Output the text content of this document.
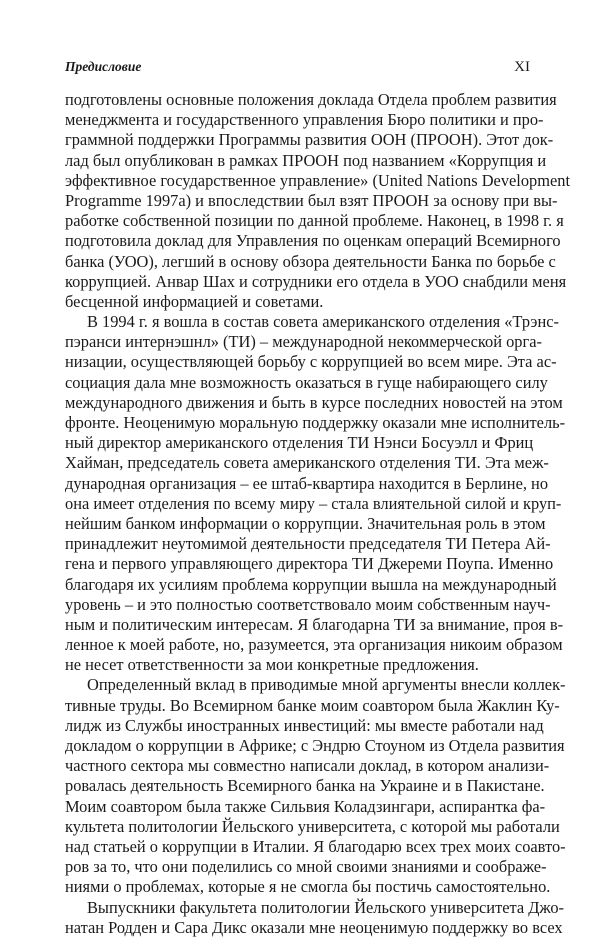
Предисловие	XI
подготовлены основные положения доклада Отдела проблем развития
менеджмента и государственного управления Бюро политики и про-
граммной поддержки Программы развития ООН (ПРООН). Этот док-
лад был опубликован в рамках ПРООН под названием «Коррупция и
эффективное государственное управление» (United Nations Development
Programme 1997a) и впоследствии был взят ПРООН за основу при вы-
работке собственной позиции по данной проблеме. Наконец, в 1998 г. я
подготовила доклад для Управления по оценкам операций Всемирного
банка (УОО), легший в основу обзора деятельности Банка по борьбе с
коррупцией. Анвар Шах и сотрудники его отдела в УОО снабдили меня
бесценной информацией и советами.
В 1994 г. я вошла в состав совета американского отделения «Трэнс-
пэранси интернэшнл» (ТИ) – международной некоммерческой орга-
низации, осуществляющей борьбу с коррупцией во всем мире. Эта ас-
социация дала мне возможность оказаться в гуще набирающего силу
международного движения и быть в курсе последних новостей на этом
фронте. Неоценимую моральную поддержку оказали мне исполнитель-
ный директор американского отделения ТИ Нэнси Босуэлл и Фриц
Хайман, председатель совета американского отделения ТИ. Эта меж-
дународная организация – ее штаб-квартира находится в Берлине, но
она имеет отделения по всему миру – стала влиятельной силой и круп-
нейшим банком информации о коррупции. Значительная роль в этом
принадлежит неутомимой деятельности председателя ТИ Петера Ай-
гена и первого управляющего директора ТИ Джереми Поупа. Именно
благодаря их усилиям проблема коррупции вышла на международный
уровень – и это полностью соответствовало моим собственным науч-
ным и политическим интересам. Я благодарна ТИ за внимание, проя в-
ленное к моей работе, но, разумеется, эта организация никоим образом
не несет ответственности за мои конкретные предложения.
Определенный вклад в приводимые мной аргументы внесли коллек-
тивные труды. Во Всемирном банке моим соавтором была Жаклин Ку-
лидж из Службы иностранных инвестиций: мы вместе работали над
докладом о коррупции в Африке; с Эндрю Стоуном из Отдела развития
частного сектора мы совместно написали доклад, в котором анализи-
ровалась деятельность Всемирного банка на Украине и в Пакистане.
Моим соавтором была также Сильвия Коладзингари, аспирантка фа-
культета политологии Йельского университета, с которой мы работали
над статьей о коррупции в Италии. Я благодарю всех трех моих соавто-
ров за то, что они поделились со мной своими знаниями и соображе-
ниями о проблемах, которые я не смогла бы постичь самостоятельно.
Выпускники факультета политологии Йельского университета Джо-
натан Родден и Сара Дикс оказали мне неоценимую поддержку во всех
